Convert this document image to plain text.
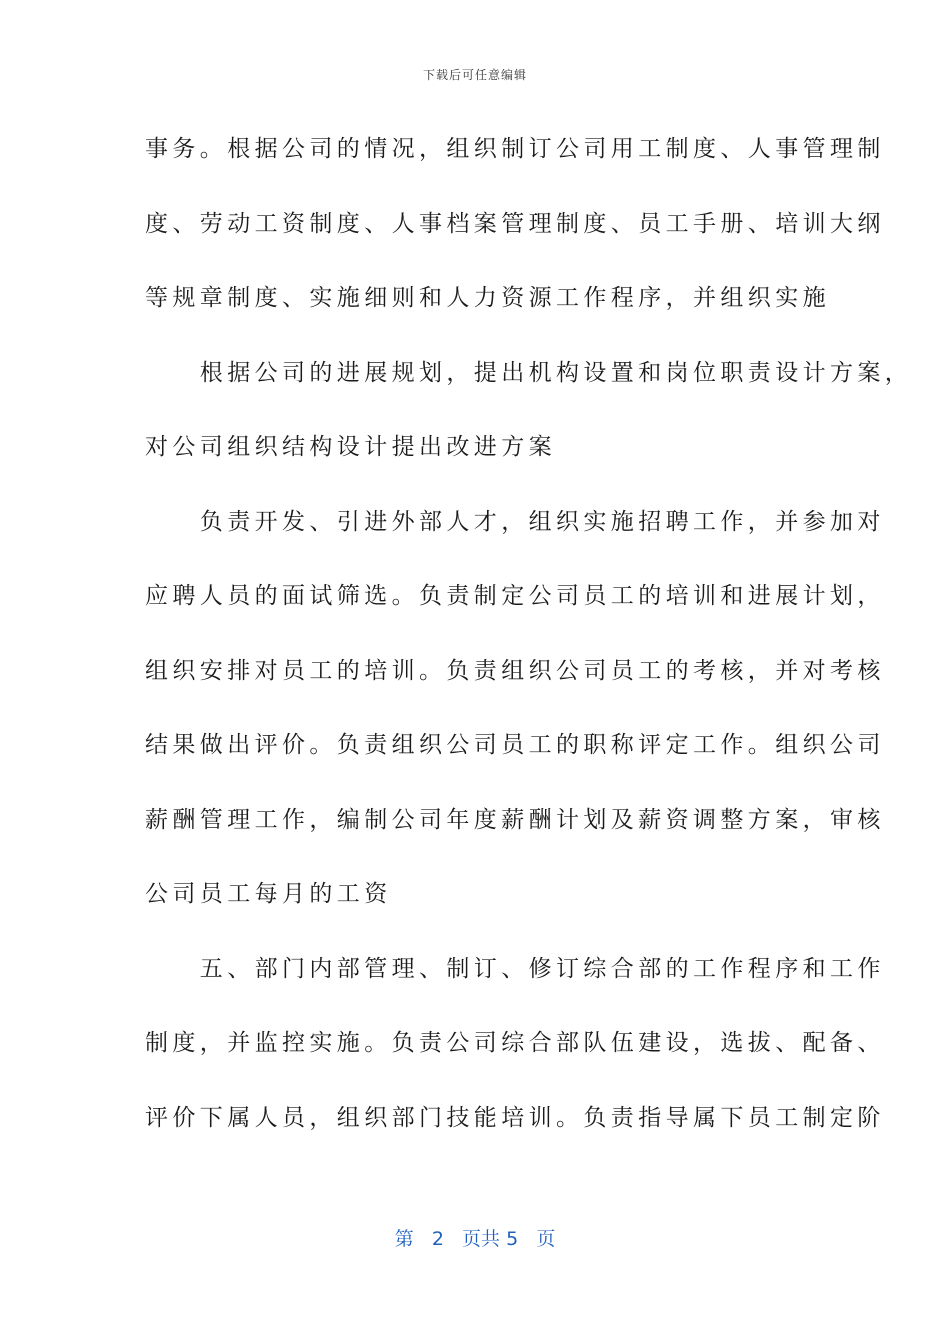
下载后可任意编辑
事务。根据公司的情况，组织制订公司用工制度、人事管理制
度、劳动工资制度、人事档案管理制度、员工手册、培训大纲
等规章制度、实施细则和人力资源工作程序，并组织实施
　　根据公司的进展规划，提出机构设置和岗位职责设计方案，
对公司组织结构设计提出改进方案
　　负责开发、引进外部人才，组织实施招聘工作，并参加对
应聘人员的面试筛选。负责制定公司员工的培训和进展计划，
组织安排对员工的培训。负责组织公司员工的考核，并对考核
结果做出评价。负责组织公司员工的职称评定工作。组织公司
薪酬管理工作，编制公司年度薪酬计划及薪资调整方案，审核
公司员工每月的工资
　　五、部门内部管理、制订、修订综合部的工作程序和工作
制度，并监控实施。负责公司综合部队伍建设，选拔、配备、
评价下属人员，组织部门技能培训。负责指导属下员工制定阶
第 2 页共 5 页
